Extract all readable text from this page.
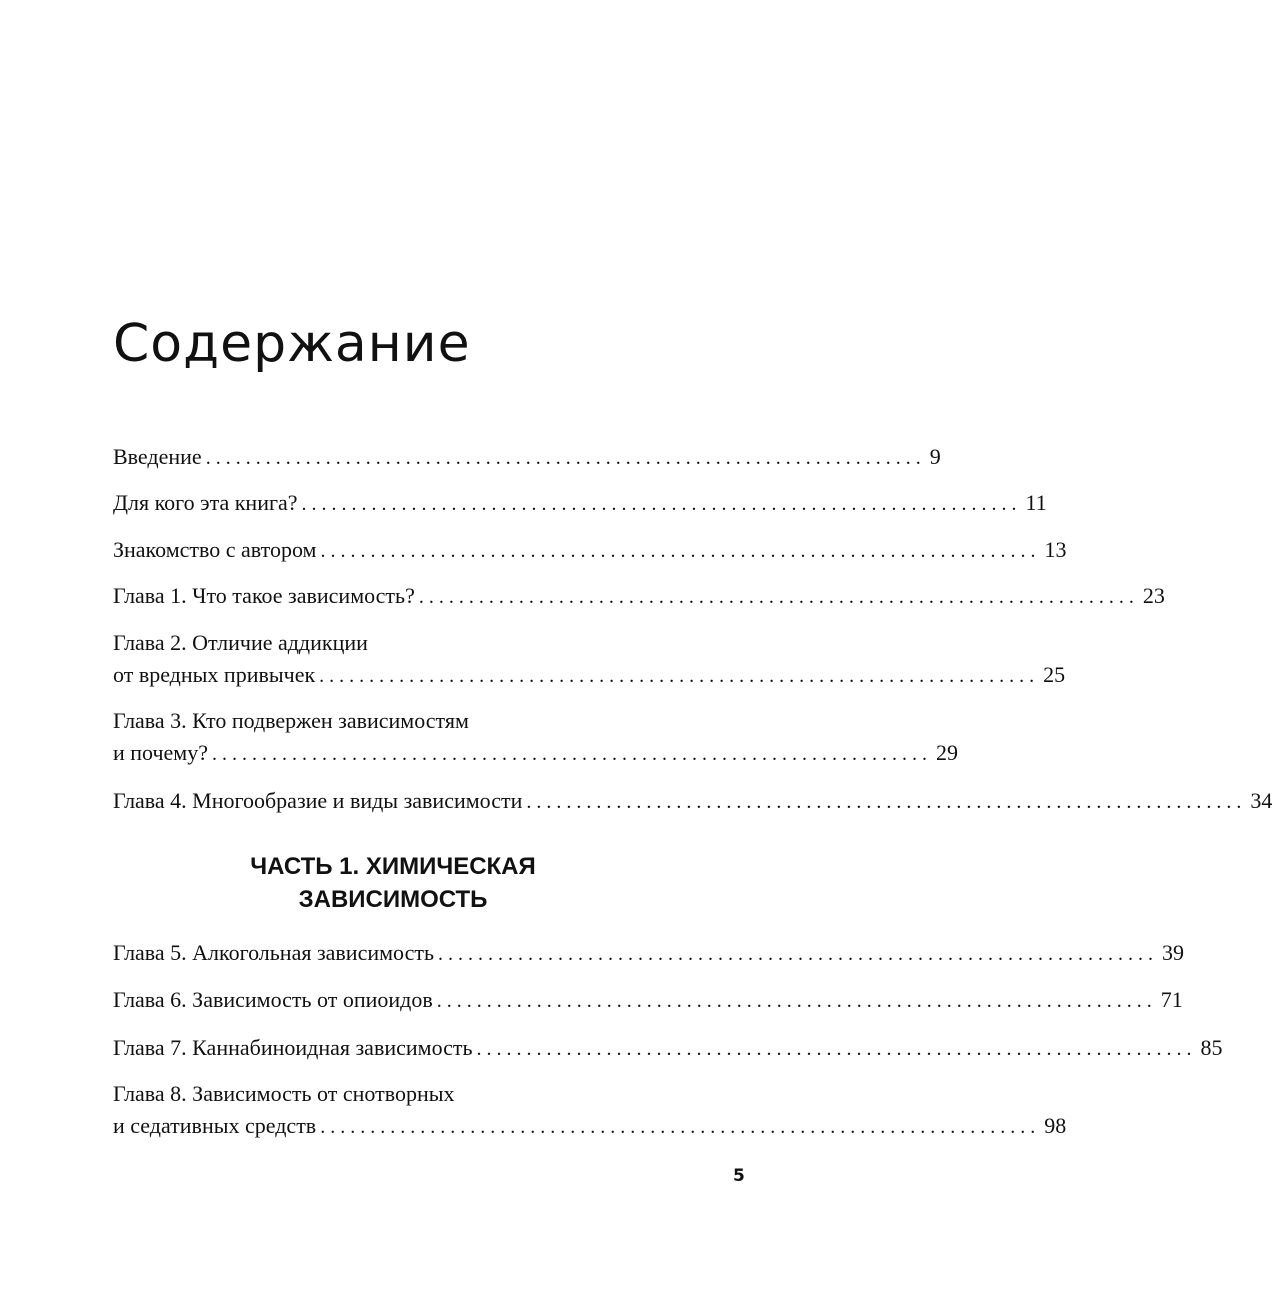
Содержание
Введение ........................................................................ 9
Для кого эта книга? ........................................................................ 11
Знакомство с автором ........................................................................ 13
Глава 1. Что такое зависимость? ........................................................................ 23
Глава 2. Отличие аддикции
от вредных привычек ........................................................................ 25
Глава 3. Кто подвержен зависимостям
и почему? ........................................................................ 29
Глава 4. Многообразие и виды зависимости ........................................................................ 34
ЧАСТЬ 1. ХИМИЧЕСКАЯ
ЗАВИСИМОСТЬ
Глава 5. Алкогольная зависимость ........................................................................ 39
Глава 6. Зависимость от опиоидов ........................................................................ 71
Глава 7. Каннабиноидная зависимость ........................................................................ 85
Глава 8. Зависимость от снотворных
и седативных средств ........................................................................ 98
5
